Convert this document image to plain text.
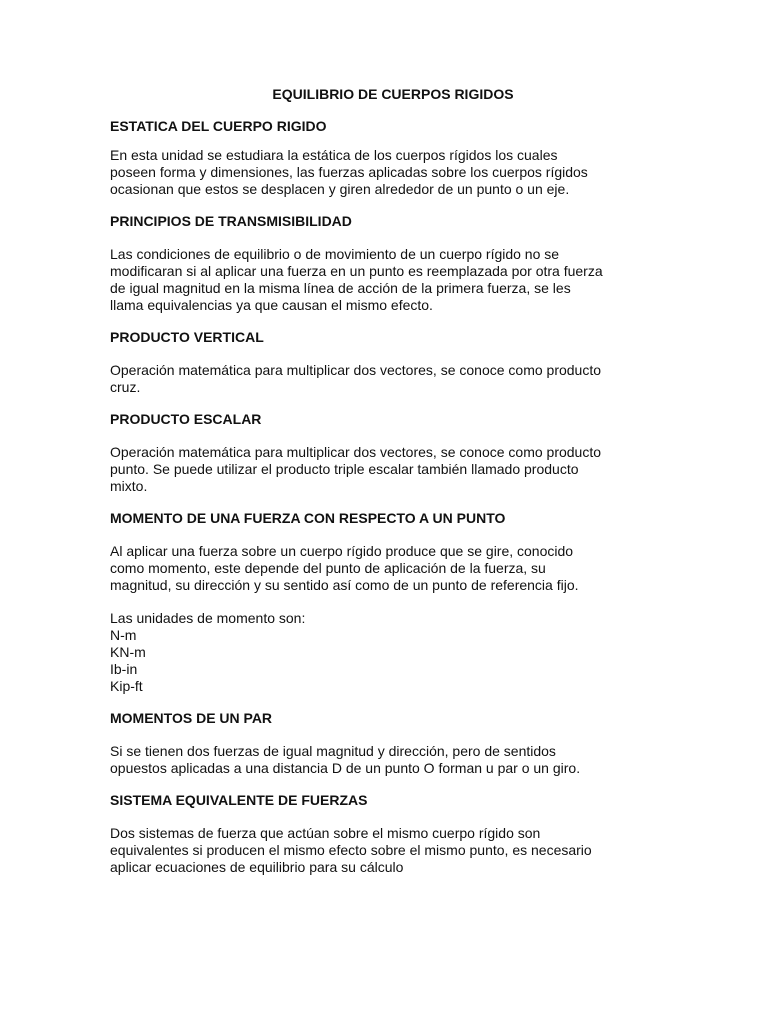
EQUILIBRIO DE CUERPOS RIGIDOS
ESTATICA DEL CUERPO RIGIDO

En esta unidad se estudiara la estática de los cuerpos rígidos los cuales
poseen forma y dimensiones, las fuerzas aplicadas sobre los cuerpos rígidos
ocasionan que estos se desplacen y giren alrededor de un punto o un eje.

PRINCIPIOS DE TRANSMISIBILIDAD

Las condiciones de equilibrio o de movimiento de un cuerpo rígido no se
modificaran si al aplicar una fuerza en un punto es reemplazada por otra fuerza
de igual magnitud en la misma línea de acción de la primera fuerza, se les
llama equivalencias ya que causan el mismo efecto.

PRODUCTO VERTICAL

Operación matemática para multiplicar dos vectores, se conoce como producto
cruz.

PRODUCTO ESCALAR

Operación matemática para multiplicar dos vectores, se conoce como producto
punto. Se puede utilizar el producto triple escalar también llamado producto
mixto.

MOMENTO DE UNA FUERZA CON RESPECTO A UN PUNTO

Al aplicar una fuerza sobre un cuerpo rígido produce que se gire, conocido
como momento, este depende del punto de aplicación de la fuerza, su
magnitud, su dirección y su sentido así como de un punto de referencia fijo.

Las unidades de momento son:

N-m
KN-m
Ib-in
Kip-ft
MOMENTOS DE UN PAR

Si se tienen dos fuerzas de igual magnitud y dirección, pero de sentidos
opuestos aplicadas a una distancia D de un punto O forman u par o un giro.

SISTEMA EQUIVALENTE DE FUERZAS

Dos sistemas de fuerza que actúan sobre el mismo cuerpo rígido son
equivalentes si producen el mismo efecto sobre el mismo punto, es necesario
aplicar ecuaciones de equilibrio para su cálculo
